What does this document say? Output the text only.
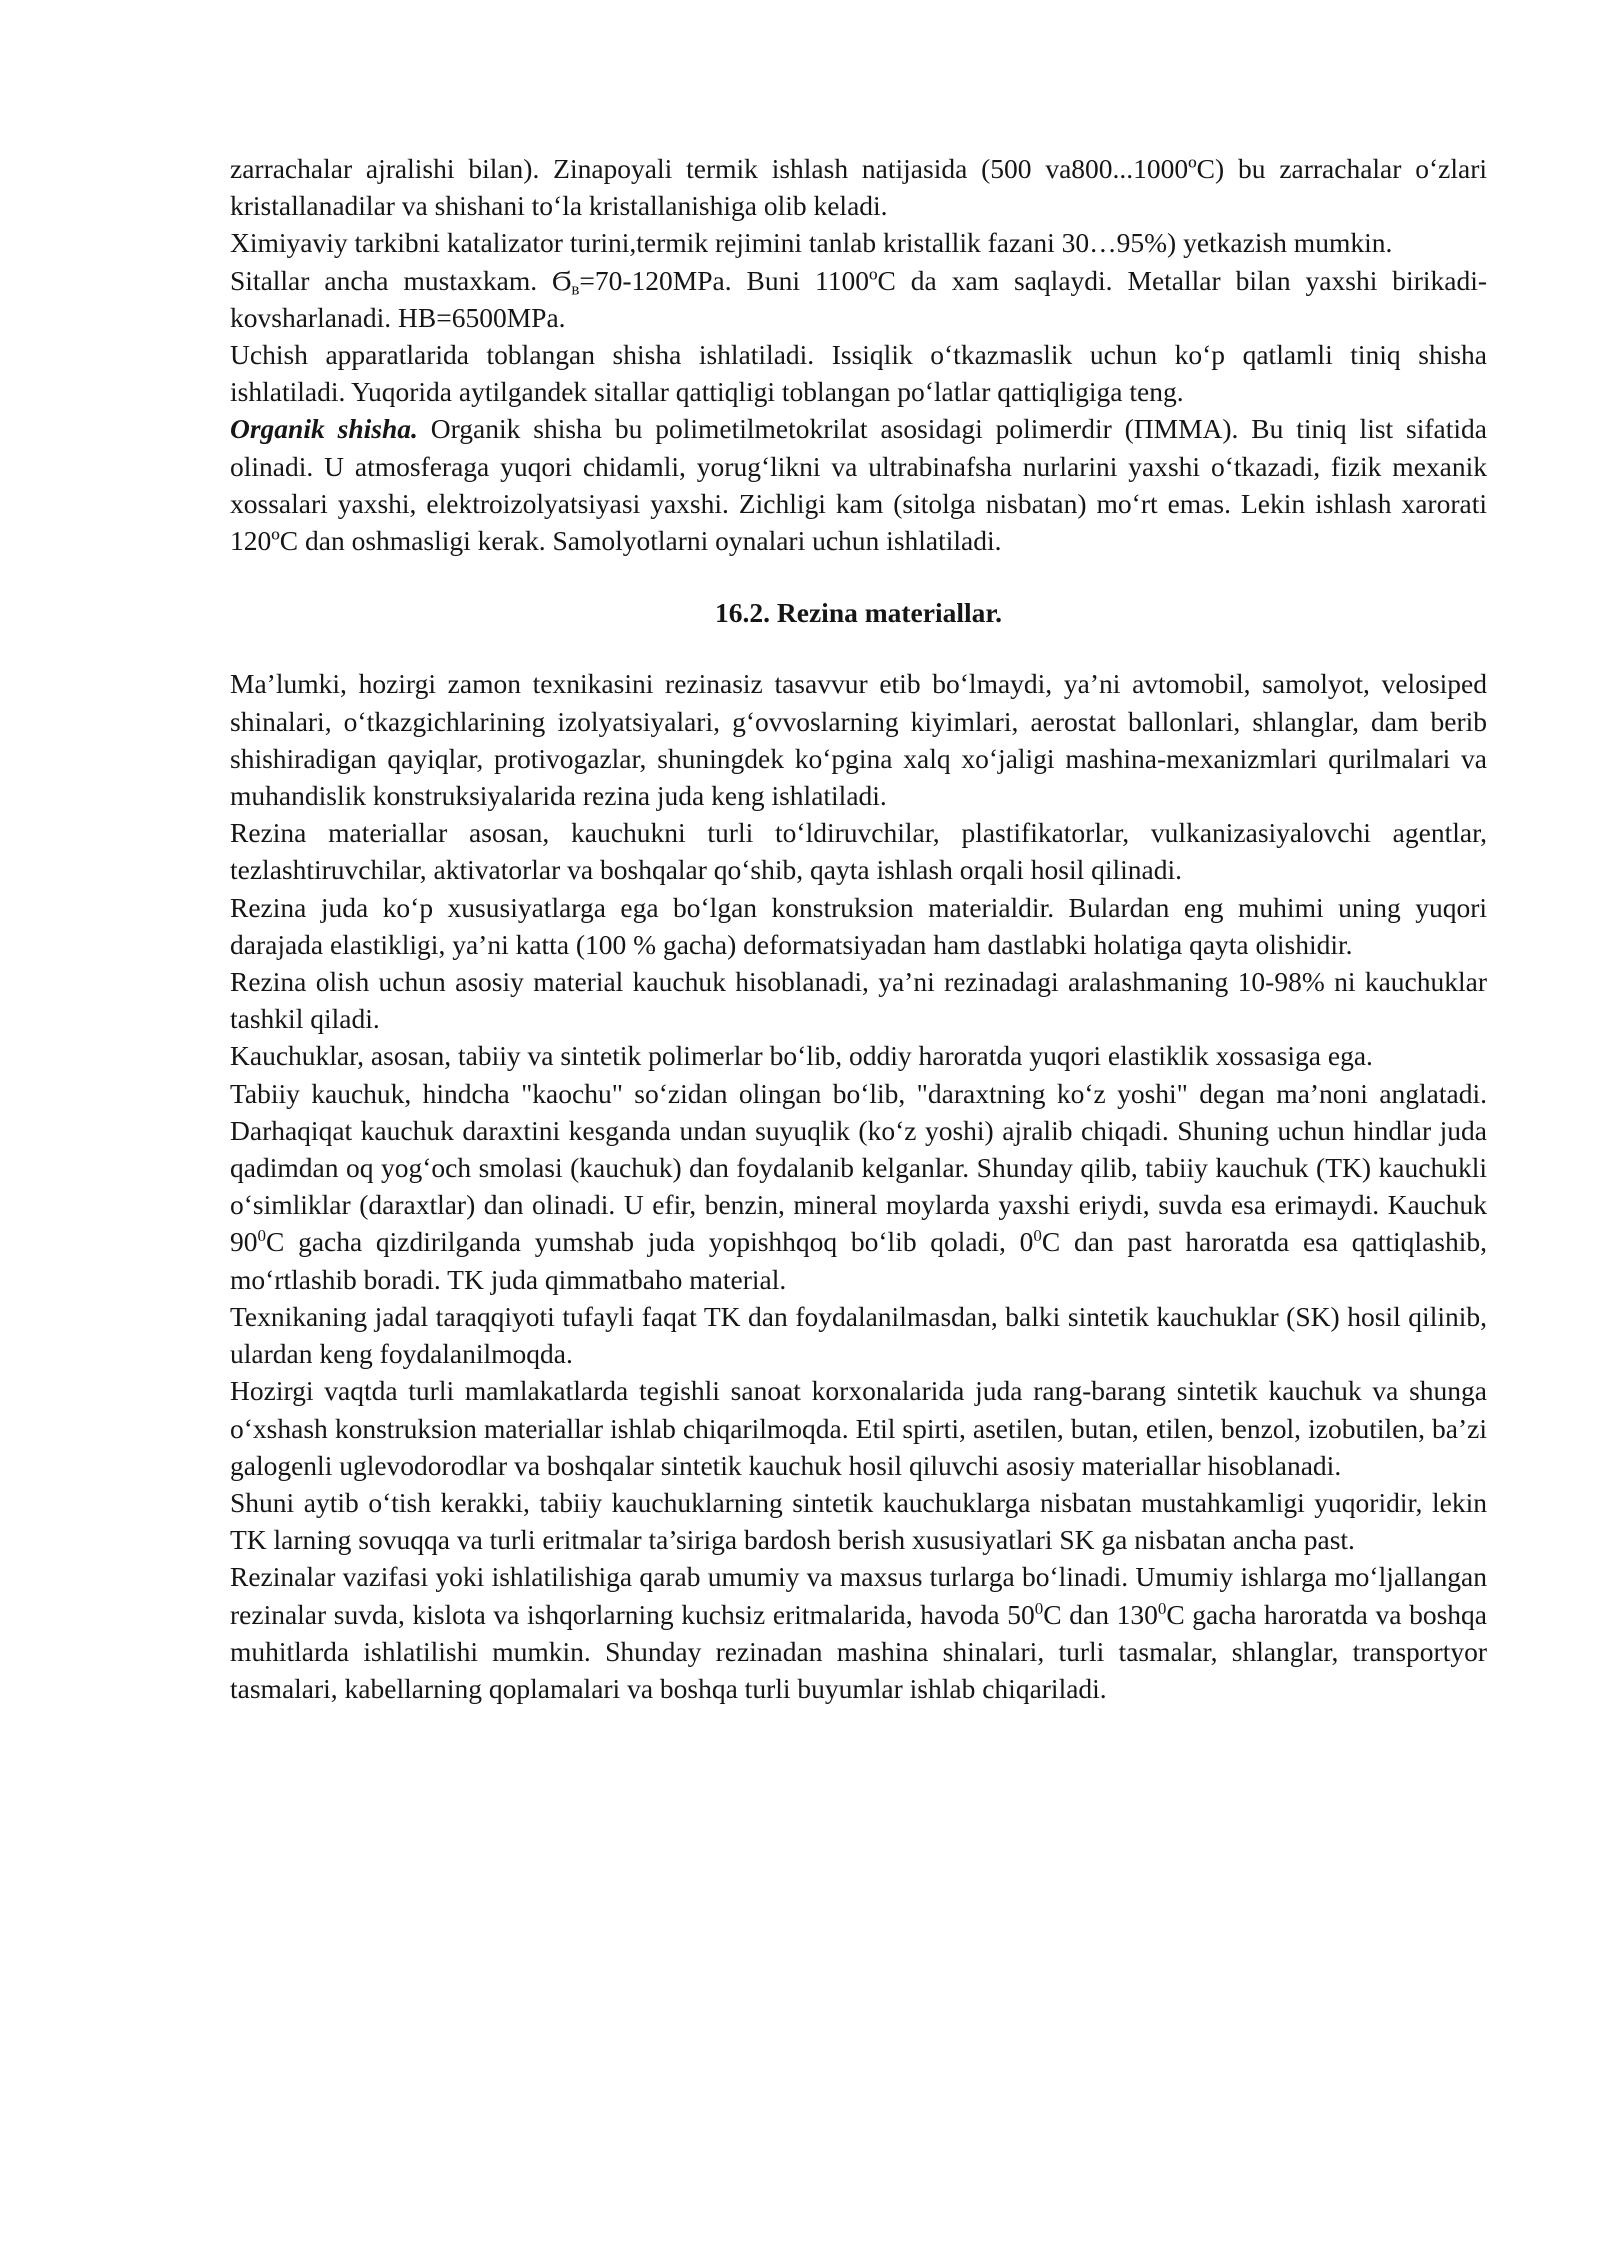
zarrachalar ajralishi bilan). Zinapoyali termik ishlash natijasida (500 va800...1000ºC) bu zarrachalar o‘zlari kristallanadilar va shishani to‘la kristallanishiga olib keladi.

Ximiyaviy tarkibni katalizator turini,termik rejimini tanlab kristallik fazani 30…95%) yetkazish mumkin.

Sitallar ancha mustaxkam. $Ϭ_в=70-120MPa$. Buni 1100ºC da xam saqlaydi. Metallar bilan yaxshi birikadi-kovsharlanadi. HB=6500MPa.

Uchish apparatlarida toblangan shisha ishlatiladi. Issiqlik o‘tkazmaslik uchun ko‘p qatlamli tiniq shisha ishlatiladi. Yuqorida aytilgandek sitallar qattiqligi toblangan po‘latlar qattiqligiga teng.

Organik shisha. Organik shisha bu polimetilmetokrilat asosidagi polimerdir (ПММА). Bu tiniq list sifatida olinadi. U atmosferaga yuqori chidamli, yorug‘likni va ultrabinafsha nurlarini yaxshi o‘tkazadi, fizik mexanik xossalari yaxshi, elektroizolyatsiyasi yaxshi. Zichligi kam (sitolga nisbatan) mo‘rt emas. Lekin ishlash xarorati 120ºC dan oshmasligi kerak. Samolyotlarni oynalari uchun ishlatiladi.

16.2. Rezina materiallar.

Ma’lumki, hozirgi zamon texnikasini rezinasiz tasavvur etib bo‘lmaydi, ya’ni avtomobil, samolyot, velosiped shinalari, o‘tkazgichlarining izolyatsiyalari, g‘ovvoslarning kiyimlari, aerostat ballonlari, shlanglar, dam berib shishiradigan qayiqlar, protivogazlar, shuningdek ko‘pgina xalq xo‘jaligi mashina-mexanizmlari qurilmalari va muhandislik konstruksiyalarida rezina juda keng ishlatiladi.

Rezina materiallar asosan, kauchukni turli to‘ldiruvchilar, plastifikatorlar, vulkanizasiyalovchi agentlar, tezlashtiruvchilar, aktivatorlar va boshqalar qo‘shib, qayta ishlash orqali hosil qilinadi.

Rezina juda ko‘p xususiyatlarga ega bo‘lgan konstruksion materialdir. Bulardan eng muhimi uning yuqori darajada elastikligi, ya’ni katta (100 % gacha) deformatsiyadan ham dastlabki holatiga qayta olishidir.

Rezina olish uchun asosiy material kauchuk hisoblanadi, ya’ni rezinadagi aralashmaning 10-98% ni kauchuklar tashkil qiladi.

Kauchuklar, asosan, tabiiy va sintetik polimerlar bo‘lib, oddiy haroratda yuqori elastiklik xossasiga ega.

Tabiiy kauchuk, hindcha "kaochu" so‘zidan olingan bo‘lib, "daraxtning ko‘z yoshi" degan ma’noni anglatadi. Darhaqiqat kauchuk daraxtini kesganda undan suyuqlik (ko‘z yoshi) ajralib chiqadi. Shuning uchun hindlar juda qadimdan oq yog‘och smolasi (kauchuk) dan foydalanib kelganlar. Shunday qilib, tabiiy kauchuk (TK) kauchukli o‘simliklar (daraxtlar) dan olinadi. U efir, benzin, mineral moylarda yaxshi eriydi, suvda esa erimaydi. Kauchuk $90^0C$ gacha qizdirilganda yumshab juda yopishhqoq bo‘lib qoladi, $0^0C$ dan past haroratda esa qattiqlashib, mo‘rtlashib boradi. TK juda qimmatbaho material.

Texnikaning jadal taraqqiyoti tufayli faqat TK dan foydalanilmasdan, balki sintetik kauchuklar (SK) hosil qilinib, ulardan keng foydalanilmoqda.

Hozirgi vaqtda turli mamlakatlarda tegishli sanoat korxonalarida juda rang-barang sintetik kauchuk va shunga o‘xshash konstruksion materiallar ishlab chiqarilmoqda. Etil spirti, asetilen, butan, etilen, benzol, izobutilen, ba’zi galogenli uglevodorodlar va boshqalar sintetik kauchuk hosil qiluvchi asosiy materiallar hisoblanadi.

Shuni aytib o‘tish kerakki, tabiiy kauchuklarning sintetik kauchuklarga nisbatan mustahkamligi yuqoridir, lekin TK larning sovuqqa va turli eritmalar ta’siriga bardosh berish xususiyatlari SK ga nisbatan ancha past.

Rezinalar vazifasi yoki ishlatilishiga qarab umumiy va maxsus turlarga bo‘linadi. Umumiy ishlarga mo‘ljallangan rezinalar suvda, kislota va ishqorlarning kuchsiz eritmalarida, havoda $50^0C$ dan $130^0C$ gacha haroratda va boshqa muhitlarda ishlatilishi mumkin. Shunday rezinadan mashina shinalari, turli tasmalar, shlanglar, transportyor tasmalari, kabellarning qoplamalari va boshqa turli buyumlar ishlab chiqariladi.
